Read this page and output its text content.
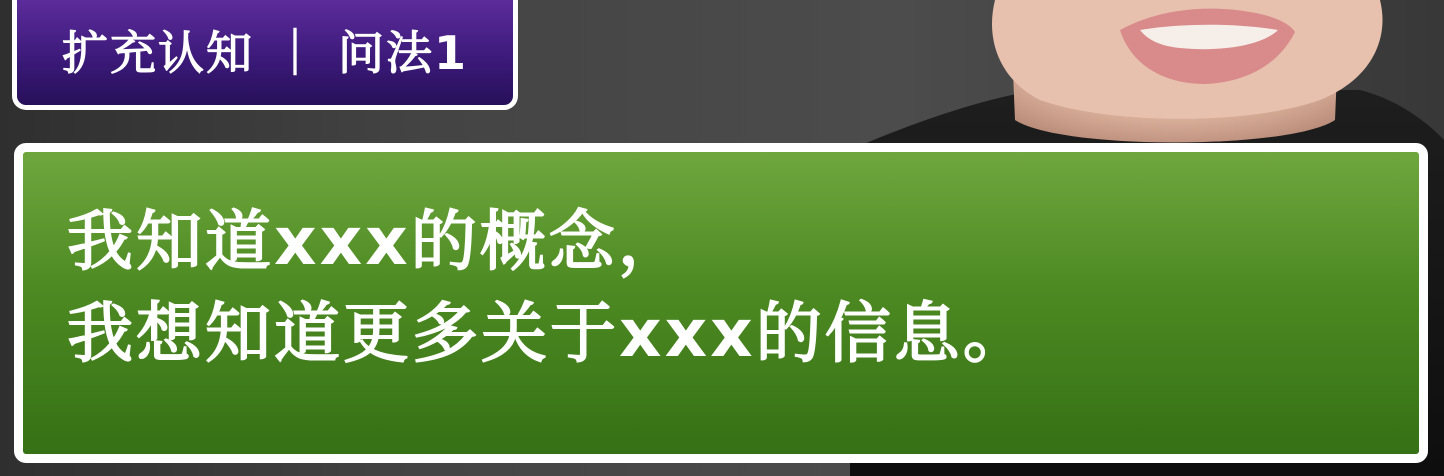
扩充认知 ｜ 问法1
我知道xxx的概念，
我想知道更多关于xxx的信息。
